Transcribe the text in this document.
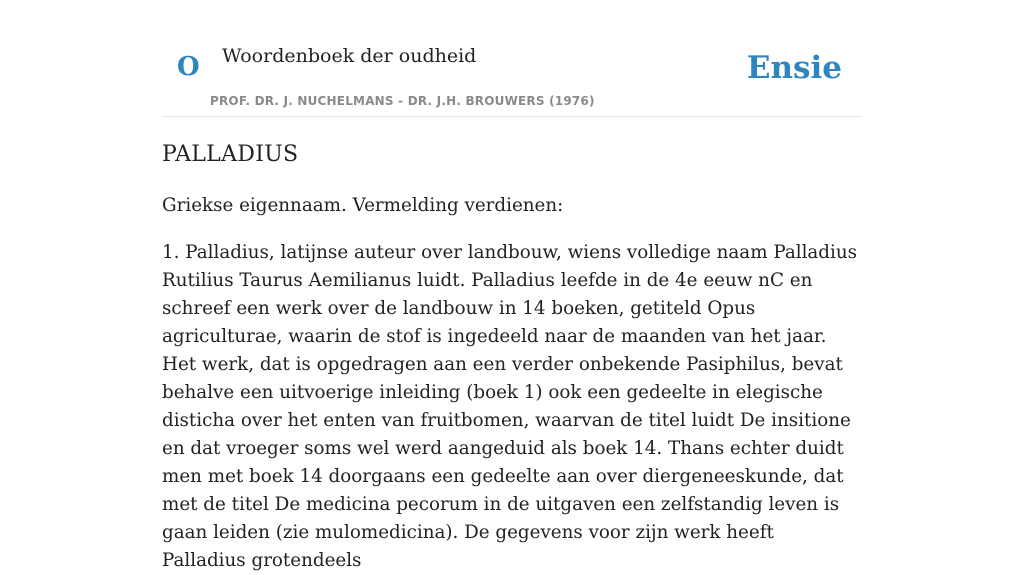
O Woordenboek der oudheid
PROF. DR. J. NUCHELMANS - DR. J.H. BROUWERS (1976)
Ensie
PALLADIUS

Griekse eigennaam. Vermelding verdienen:

1. Palladius, latijnse auteur over landbouw, wiens volledige naam Palladius Rutilius Taurus Aemilianus luidt. Palladius leefde in de 4e eeuw nC en schreef een werk over de landbouw in 14 boeken, getiteld Opus agriculturae, waarin de stof is ingedeeld naar de maanden van het jaar. Het werk, dat is opgedragen aan een verder onbekende Pasiphilus, bevat behalve een uitvoerige inleiding (boek 1) ook een gedeelte in elegische disticha over het enten van fruitbomen, waarvan de titel luidt De insitione en dat vroeger soms wel werd aangeduid als boek 14. Thans echter duidt men met boek 14 doorgaans een gedeelte aan over diergeneeskunde, dat met de titel De medicina pecorum in de uitgaven een zelfstandig leven is gaan leiden (zie mulomedicina). De gegevens voor zijn werk heeft Palladius grotendeels
